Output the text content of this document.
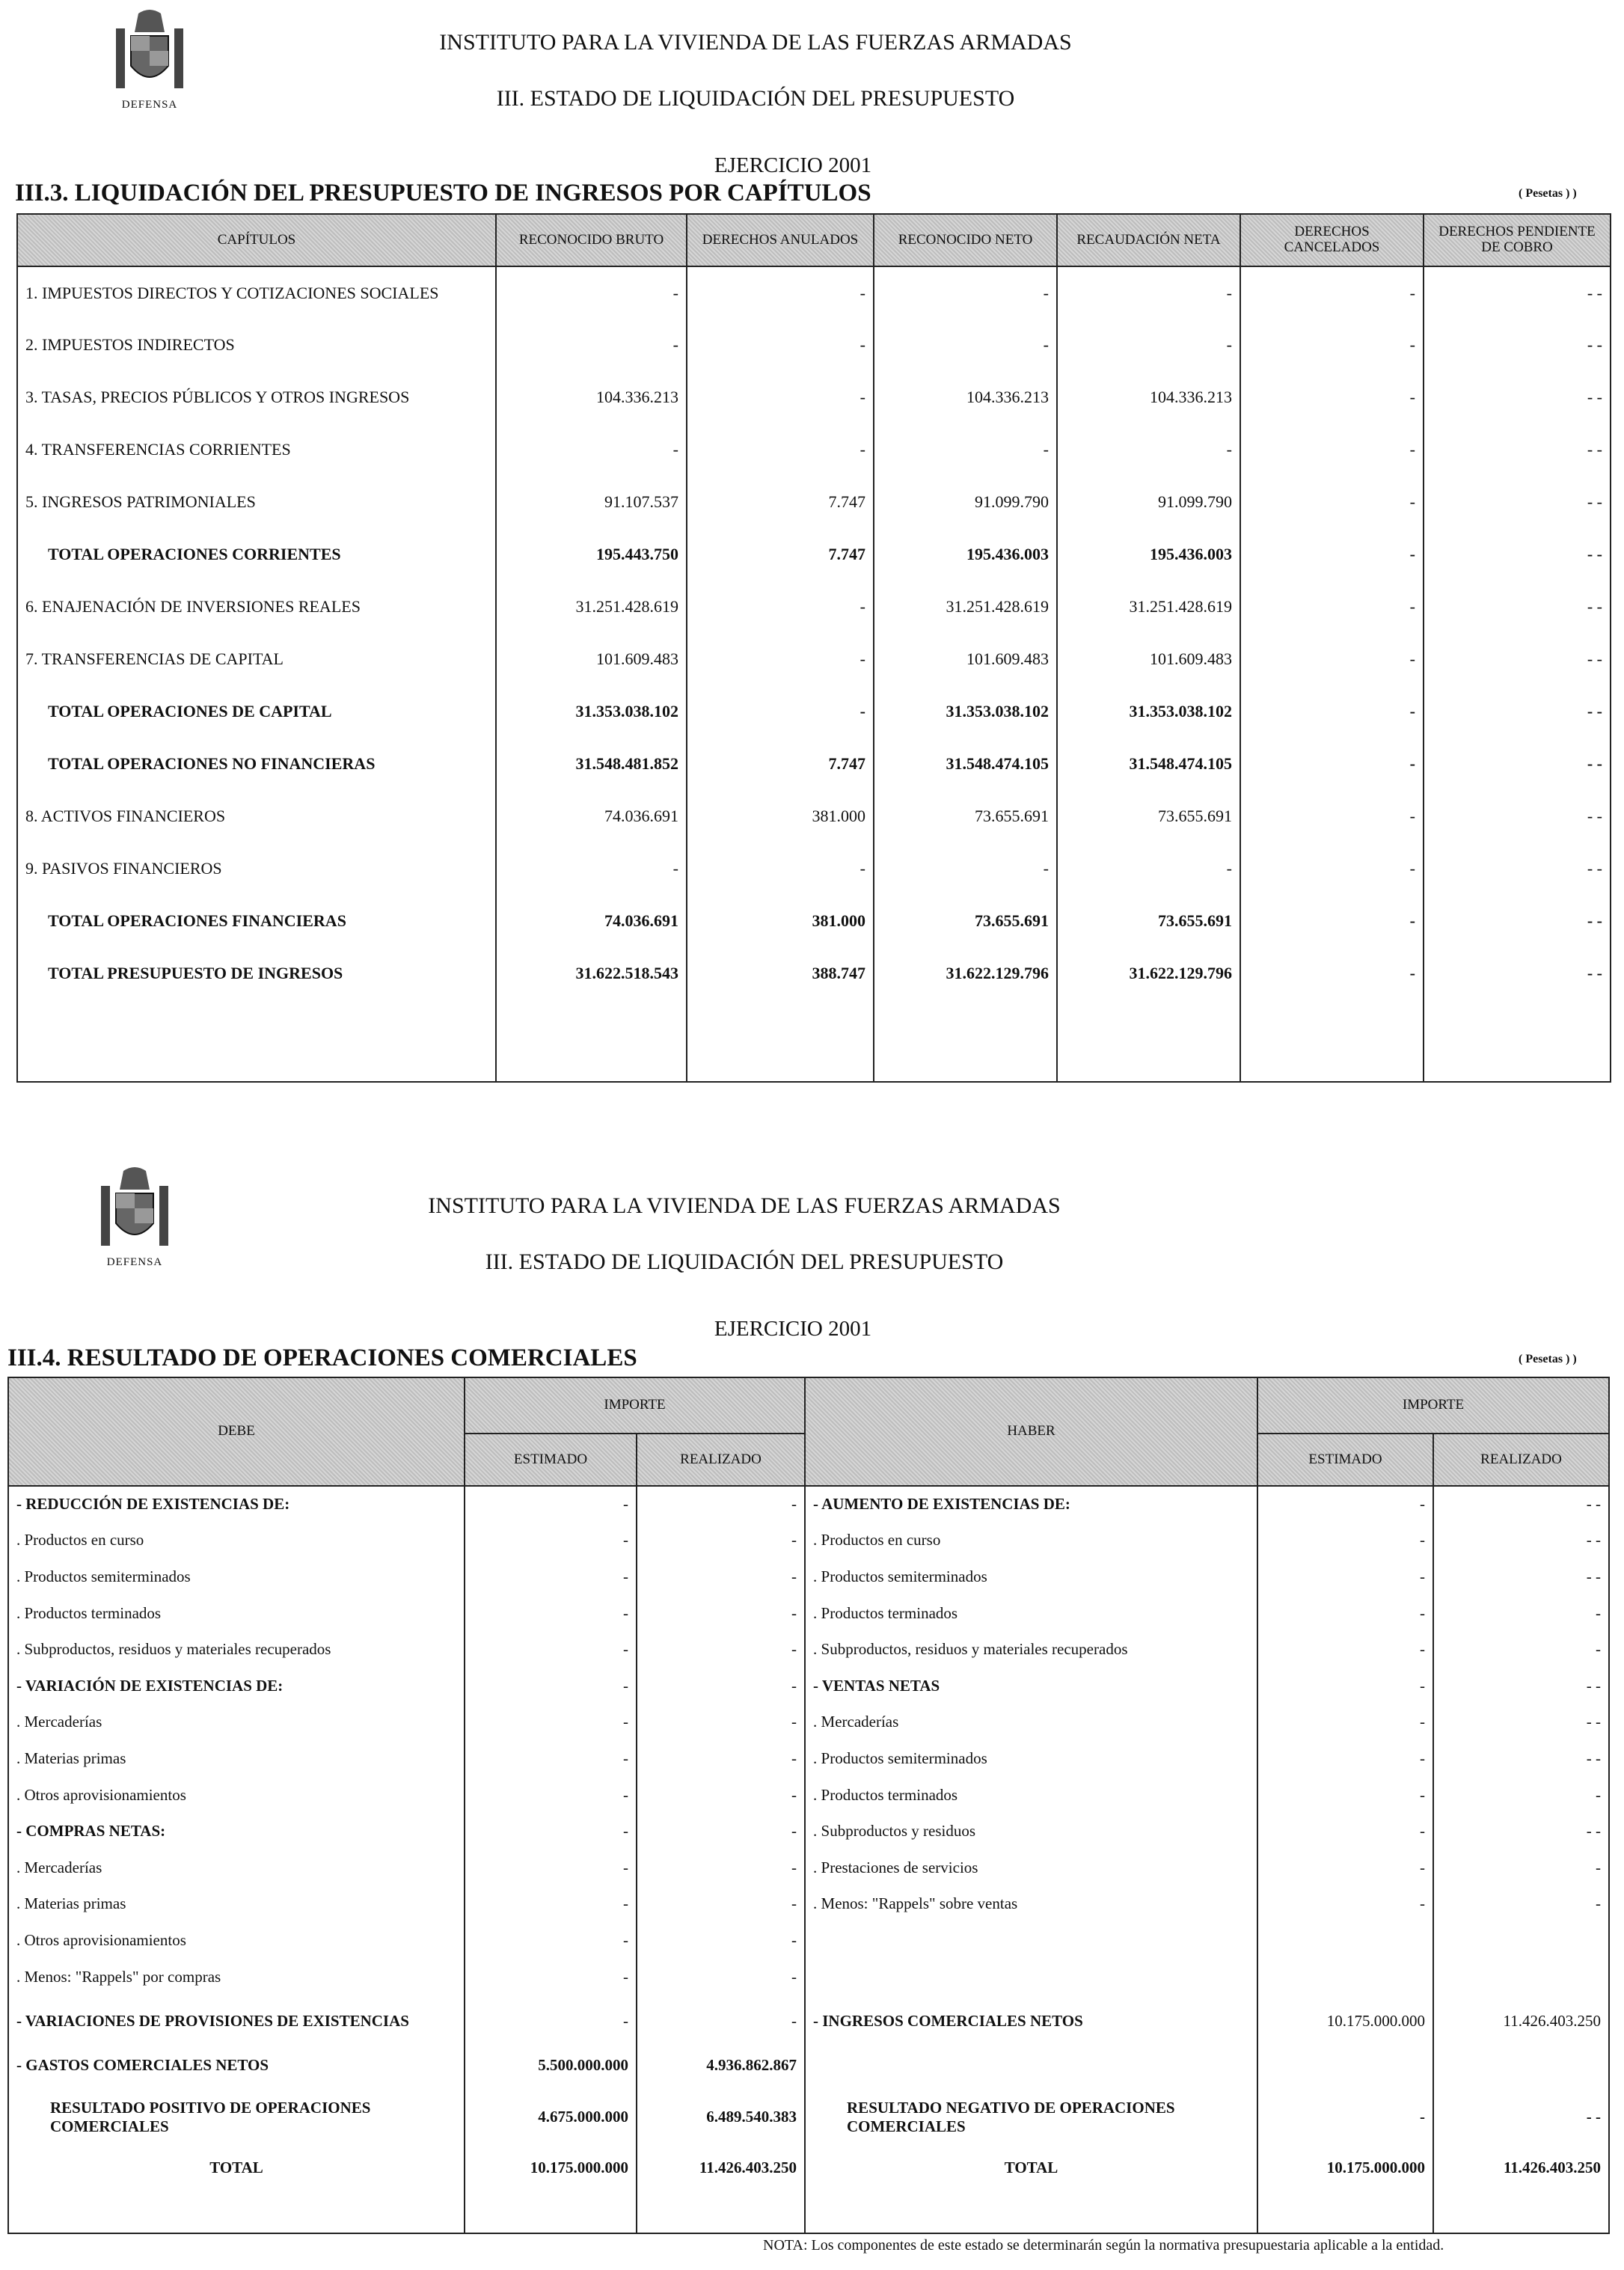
DEFENSA
INSTITUTO PARA LA VIVIENDA DE LAS FUERZAS ARMADAS
III. ESTADO DE LIQUIDACIÓN DEL PRESUPUESTO
EJERCICIO 2001
III.3. LIQUIDACIÓN DEL PRESUPUESTO DE INGRESOS POR CAPÍTULOS	( Pesetas ) )
CAPÍTULOS	RECONOCIDO BRUTO	DERECHOS ANULADOS	RECONOCIDO NETO	RECAUDACIÓN NETA	DERECHOS CANCELADOS	DERECHOS PENDIENTE DE COBRO
1. IMPUESTOS DIRECTOS Y COTIZACIONES SOCIALES	-	-	-	-	-	- -
2. IMPUESTOS INDIRECTOS	-	-	-	-	-	- -
3. TASAS, PRECIOS PÚBLICOS Y OTROS INGRESOS	104.336.213	-	104.336.213	104.336.213	-	- -
4. TRANSFERENCIAS CORRIENTES	-	-	-	-	-	- -
5. INGRESOS PATRIMONIALES	91.107.537	7.747	91.099.790	91.099.790	-	- -
TOTAL OPERACIONES CORRIENTES	195.443.750	7.747	195.436.003	195.436.003	-	- -
6. ENAJENACIÓN DE INVERSIONES REALES	31.251.428.619	-	31.251.428.619	31.251.428.619	-	- -
7. TRANSFERENCIAS DE CAPITAL	101.609.483	-	101.609.483	101.609.483	-	- -
TOTAL OPERACIONES DE CAPITAL	31.353.038.102	-	31.353.038.102	31.353.038.102	-	- -
TOTAL OPERACIONES NO FINANCIERAS	31.548.481.852	7.747	31.548.474.105	31.548.474.105	-	- -
8. ACTIVOS FINANCIEROS	74.036.691	381.000	73.655.691	73.655.691	-	- -
9. PASIVOS FINANCIEROS	-	-	-	-	-	- -
TOTAL OPERACIONES FINANCIERAS	74.036.691	381.000	73.655.691	73.655.691	-	- -
TOTAL PRESUPUESTO DE INGRESOS	31.622.518.543	388.747	31.622.129.796	31.622.129.796	-	- -

DEFENSA
INSTITUTO PARA LA VIVIENDA DE LAS FUERZAS ARMADAS
III. ESTADO DE LIQUIDACIÓN DEL PRESUPUESTO
EJERCICIO 2001
III.4. RESULTADO DE OPERACIONES COMERCIALES	( Pesetas ) )
DEBE	IMPORTE		HABER	IMPORTE	
	ESTIMADO	REALIZADO		ESTIMADO	REALIZADO
- REDUCCIÓN DE EXISTENCIAS DE:	-	-	- AUMENTO DE EXISTENCIAS DE:	-	- -
. Productos en curso	-	-	. Productos en curso	-	- -
. Productos semiterminados	-	-	. Productos semiterminados	-	- -
. Productos terminados	-	-	. Productos terminados	-	-
. Subproductos, residuos y materiales recuperados	-	-	. Subproductos, residuos y materiales recuperados	-	-
- VARIACIÓN DE EXISTENCIAS DE:	-	-	- VENTAS NETAS	-	- -
. Mercaderías	-	-	. Mercaderías	-	- -
. Materias primas	-	-	. Productos semiterminados	-	- -
. Otros aprovisionamientos	-	-	. Productos terminados	-	-
- COMPRAS NETAS:	-	-	. Subproductos y residuos	-	- -
. Mercaderías	-	-	. Prestaciones de servicios	-	-
. Materias primas	-	-	. Menos: "Rappels" sobre ventas	-	-
. Otros aprovisionamientos	-	-			
. Menos: "Rappels" por compras	-	-			
- VARIACIONES DE PROVISIONES DE EXISTENCIAS	-	-	- INGRESOS COMERCIALES NETOS	10.175.000.000	11.426.403.250
- GASTOS COMERCIALES NETOS	5.500.000.000	4.936.862.867			
RESULTADO POSITIVO DE OPERACIONES COMERCIALES	4.675.000.000	6.489.540.383	RESULTADO NEGATIVO DE OPERACIONES COMERCIALES	-	- -
TOTAL	10.175.000.000	11.426.403.250	TOTAL	10.175.000.000	11.426.403.250

NOTA: Los componentes de este estado se determinarán según la normativa presupuestaria aplicable a la entidad.
